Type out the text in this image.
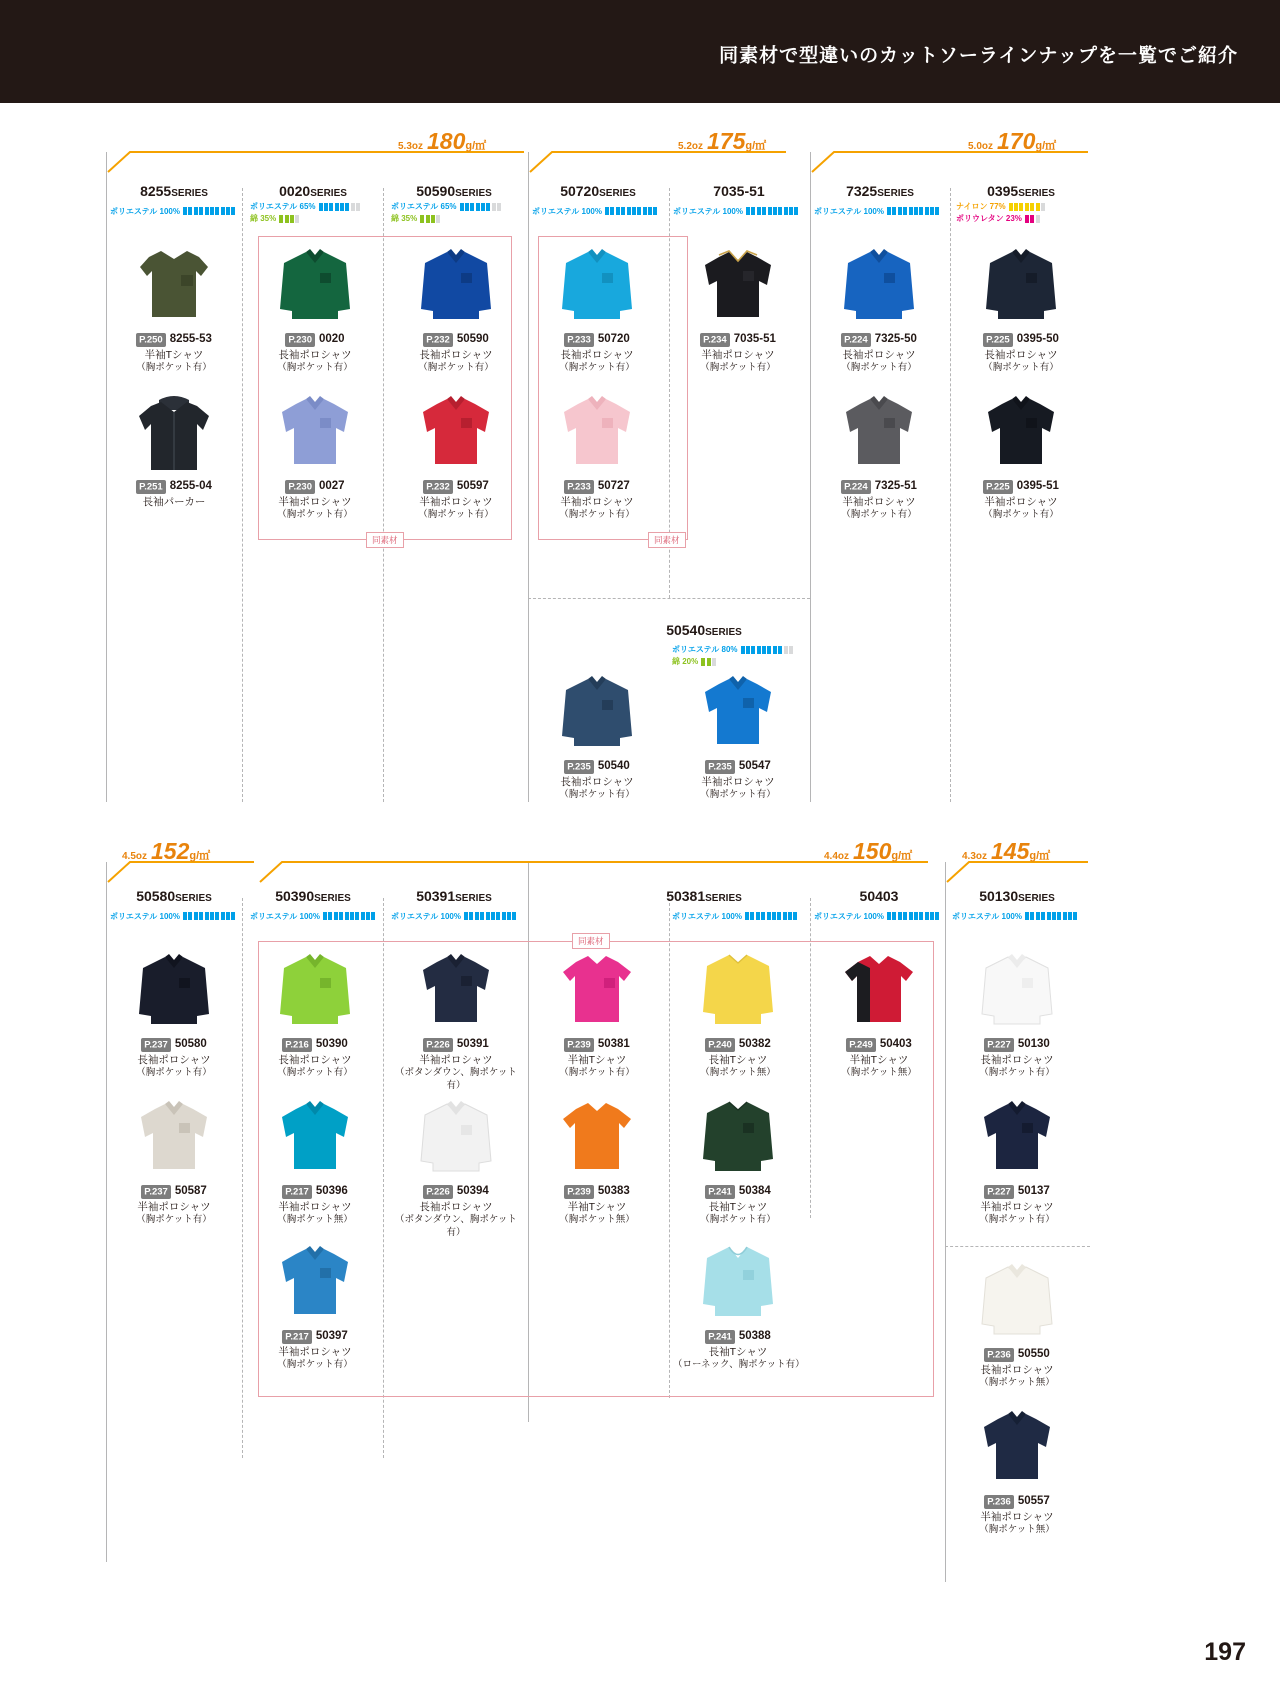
同素材で型違いのカットソーラインナップを一覧でご紹介
197
5.3oz 180g/㎡	5.2oz 175g/㎡	5.0oz 170g/㎡
8255SERIES	0020SERIES	50590SERIES	50720SERIES	7035-51	7325SERIES	0395SERIES
ポリエステル 100%	ポリエステル 65%
綿 35%
ポリエステル 65%
綿 35%
ポリエステル 100%	ポリエステル 100%	ポリエステル 100%	ナイロン 77%
ポリウレタン 23%
同素材	同素材
P.250 8255-53
半袖Tシャツ
（胸ポケット有）
P.251 8255-04
長袖パーカー
P.230 0020
長袖ポロシャツ
（胸ポケット有）
P.230 0027
半袖ポロシャツ
（胸ポケット有）
P.232 50590
長袖ポロシャツ
（胸ポケット有）
P.232 50597
半袖ポロシャツ
（胸ポケット有）
P.233 50720
長袖ポロシャツ
（胸ポケット有）
P.233 50727
半袖ポロシャツ
（胸ポケット有）
P.234 7035-51
半袖ポロシャツ
（胸ポケット有）
P.224 7325-50
長袖ポロシャツ
（胸ポケット有）
P.224 7325-51
半袖ポロシャツ
（胸ポケット有）
P.225 0395-50
長袖ポロシャツ
（胸ポケット有）
P.225 0395-51
半袖ポロシャツ
（胸ポケット有）
50540SERIES
ポリエステル 80%
綿 20%
P.235 50540
長袖ポロシャツ
（胸ポケット有）
P.235 50547
半袖ポロシャツ
（胸ポケット有）
4.5oz 152g/㎡	4.4oz 150g/㎡	4.3oz 145g/㎡
50580SERIES	50390SERIES	50391SERIES	50381SERIES	50403	50130SERIES
ポリエステル 100%	ポリエステル 100%	ポリエステル 100%	ポリエステル 100%	ポリエステル 100%	ポリエステル 100%
同素材
P.237 50580
長袖ポロシャツ
（胸ポケット有）
P.237 50587
半袖ポロシャツ
（胸ポケット有）
P.216 50390
長袖ポロシャツ
（胸ポケット有）
P.217 50396
半袖ポロシャツ
（胸ポケット無）
P.217 50397
半袖ポロシャツ
（胸ポケット有）
P.226 50391
半袖ポロシャツ
（ボタンダウン、胸ポケット有）
P.226 50394
長袖ポロシャツ
（ボタンダウン、胸ポケット有）
P.239 50381
半袖Tシャツ
（胸ポケット有）
P.239 50383
半袖Tシャツ
（胸ポケット無）
P.240 50382
長袖Tシャツ
（胸ポケット無）
P.241 50384
長袖Tシャツ
（胸ポケット有）
P.241 50388
長袖Tシャツ
（ローネック、胸ポケット有）
P.249 50403
半袖Tシャツ
（胸ポケット無）
P.227 50130
長袖ポロシャツ
（胸ポケット有）
P.227 50137
半袖ポロシャツ
（胸ポケット有）
P.236 50550
長袖ポロシャツ
（胸ポケット無）
P.236 50557
半袖ポロシャツ
（胸ポケット無）
